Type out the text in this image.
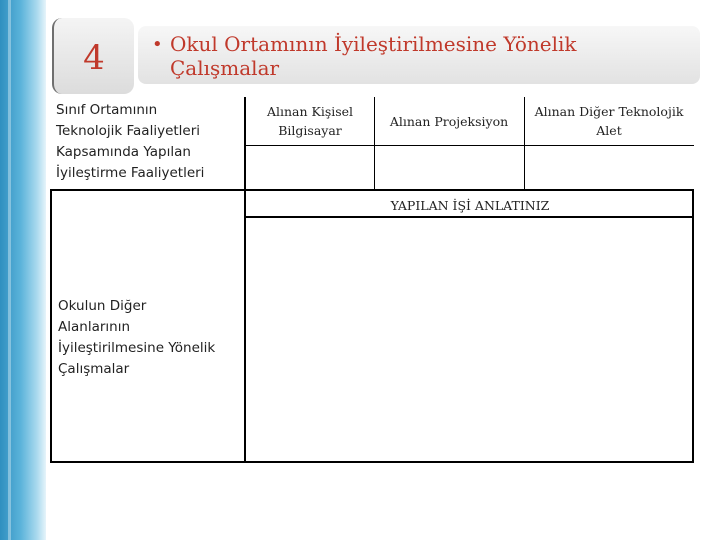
4	• Okul Ortamının İyileştirilmesine Yönelik
Çalışmalar
Sınıf Ortamının
Teknolojik Faaliyetleri
Kapsamında Yapılan
İyileştirme Faaliyetleri
Alınan Kişisel
Bilgisayar
Alınan Projeksiyon
Alınan Diğer Teknolojik
Alet
YAPILAN İŞİ ANLATINIZ
Okulun Diğer
Alanlarının
İyileştirilmesine Yönelik
Çalışmalar
